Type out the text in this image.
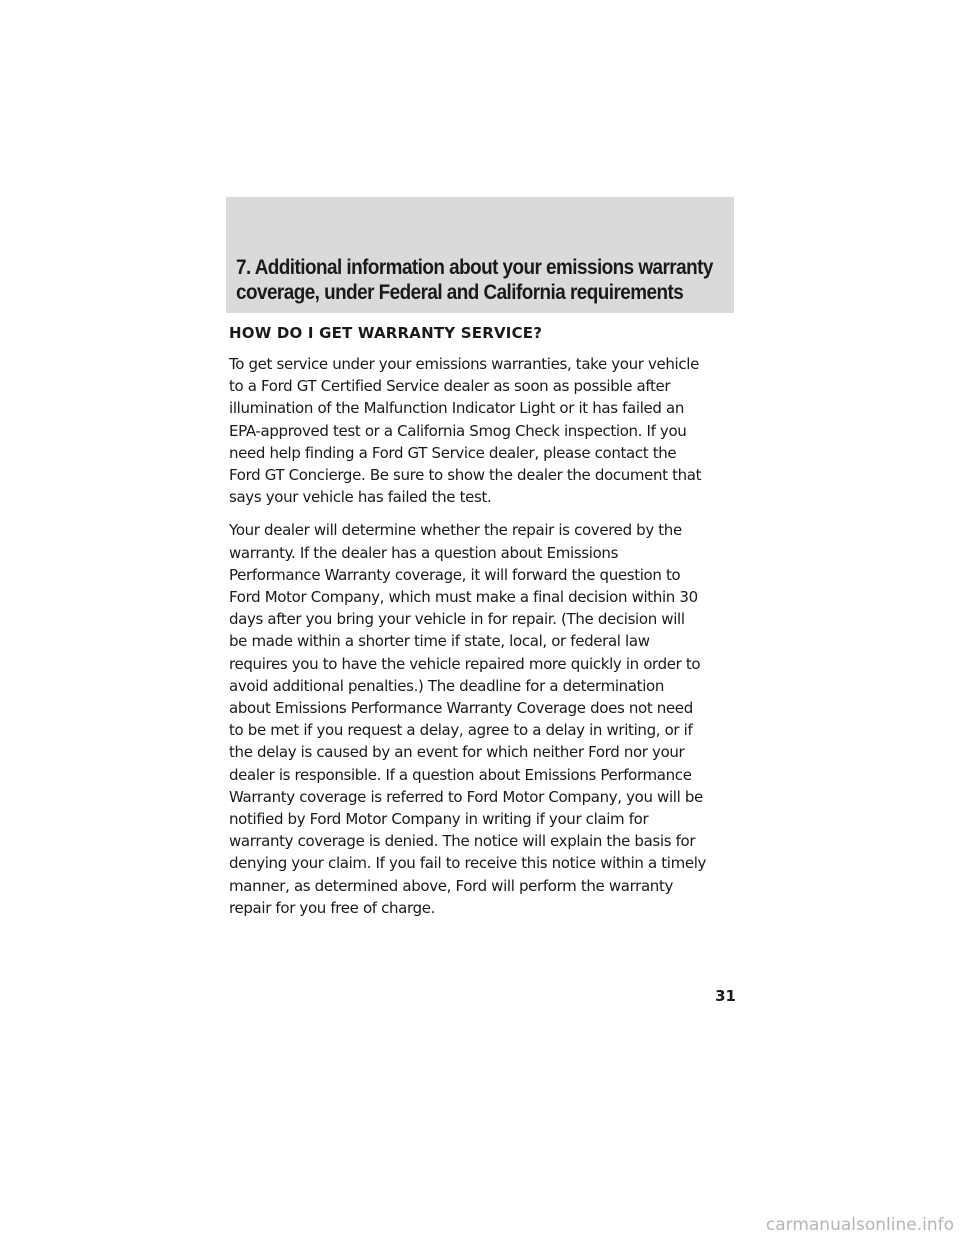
7. Additional information about your emissions warranty
coverage, under Federal and California requirements
HOW DO I GET WARRANTY SERVICE?

To get service under your emissions warranties, take your vehicle
to a Ford GT Certified Service dealer as soon as possible after
illumination of the Malfunction Indicator Light or it has failed an
EPA-approved test or a California Smog Check inspection. If you
need help finding a Ford GT Service dealer, please contact the
Ford GT Concierge. Be sure to show the dealer the document that
says your vehicle has failed the test.

Your dealer will determine whether the repair is covered by the
warranty. If the dealer has a question about Emissions
Performance Warranty coverage, it will forward the question to
Ford Motor Company, which must make a final decision within 30
days after you bring your vehicle in for repair. (The decision will
be made within a shorter time if state, local, or federal law
requires you to have the vehicle repaired more quickly in order to
avoid additional penalties.) The deadline for a determination
about Emissions Performance Warranty Coverage does not need
to be met if you request a delay, agree to a delay in writing, or if
the delay is caused by an event for which neither Ford nor your
dealer is responsible. If a question about Emissions Performance
Warranty coverage is referred to Ford Motor Company, you will be
notified by Ford Motor Company in writing if your claim for
warranty coverage is denied. The notice will explain the basis for
denying your claim. If you fail to receive this notice within a timely
manner, as determined above, Ford will perform the warranty
repair for you free of charge.

31
carmanualsonline.info
